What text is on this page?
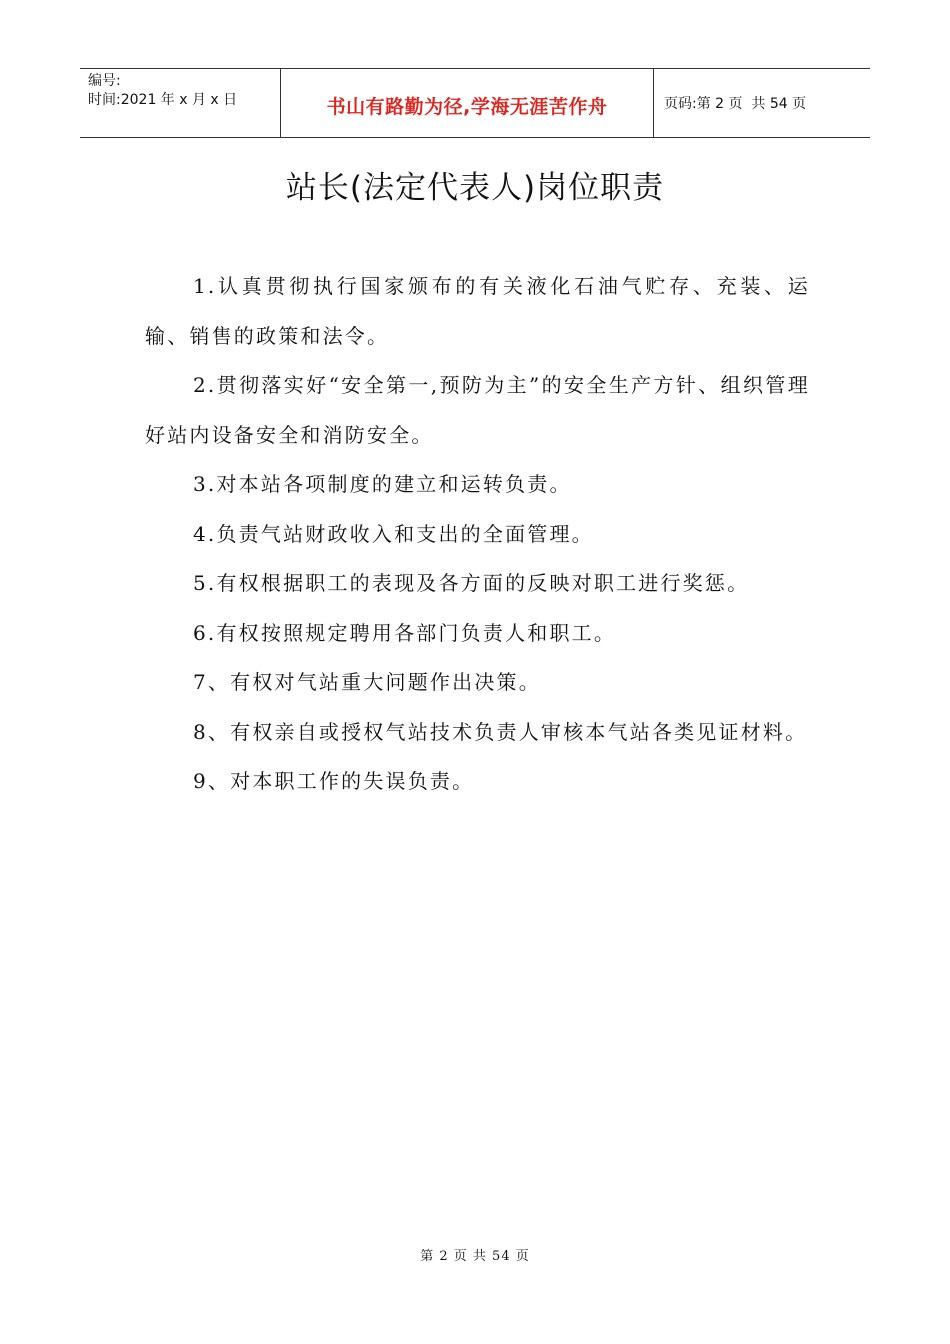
编号:
时间:2021 年 x 月 x 日	书山有路勤为径,学海无涯苦作舟	页码:第 2 页  共 54 页
站长(法定代表人)岗位职责

1.认真贯彻执行国家颁布的有关液化石油气贮存、充装、运输、销售的政策和法令。

2.贯彻落实好“安全第一,预防为主”的安全生产方针、组织管理好站内设备安全和消防安全。

3.对本站各项制度的建立和运转负责。

4.负责气站财政收入和支出的全面管理。

5.有权根据职工的表现及各方面的反映对职工进行奖惩。

6.有权按照规定聘用各部门负责人和职工。

7、有权对气站重大问题作出决策。

8、有权亲自或授权气站技术负责人审核本气站各类见证材料。

9、对本职工作的失误负责。

第 2 页 共 54 页
